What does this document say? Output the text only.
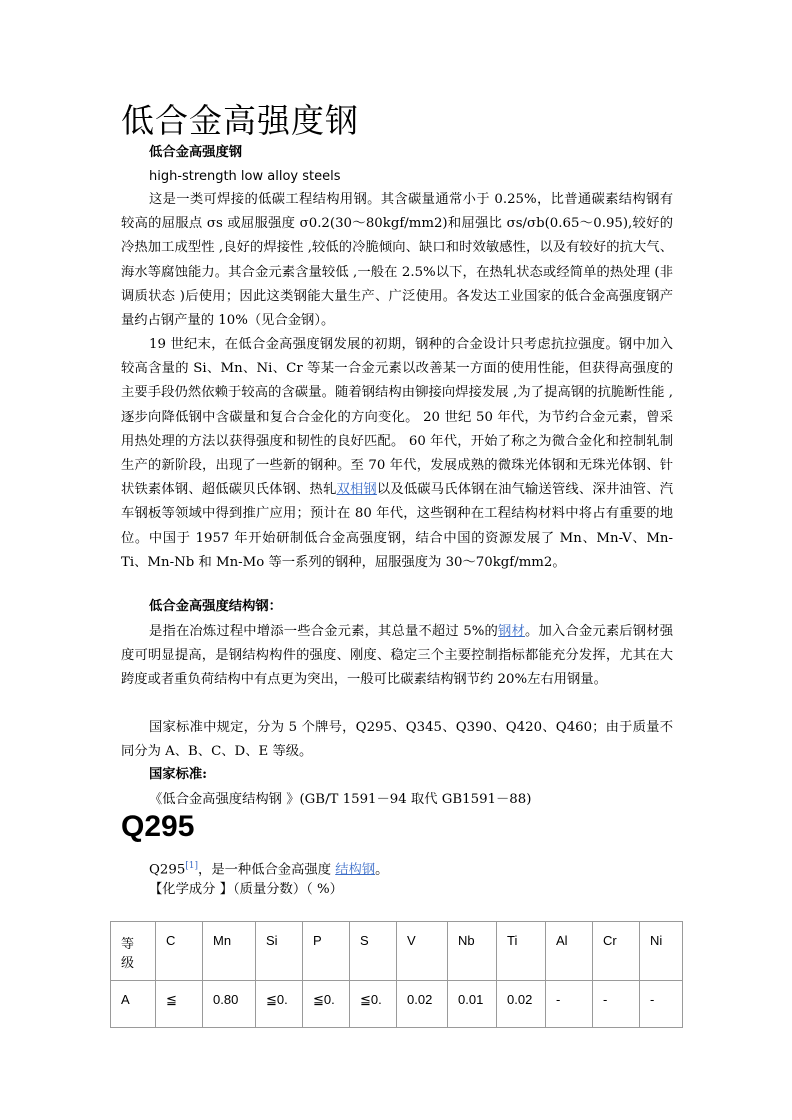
低合金高强度钢
低合金高强度钢
high-strength low alloy steels
这是一类可焊接的低碳工程结构用钢。其含碳量通常小于 0.25%，比普通碳素结构钢有较高的屈服点 σs 或屈服强度 σ0.2(30～80kgf/mm2)和屈强比 σs/σb(0.65～0.95),较好的冷热加工成型性 ,良好的焊接性 ,较低的冷脆倾向、缺口和时效敏感性，以及有较好的抗大气、海水等腐蚀能力。其合金元素含量较低 ,一般在 2.5%以下，在热轧状态或经简单的热处理 (非调质状态 )后使用；因此这类钢能大量生产、广泛使用。各发达工业国家的低合金高强度钢产量约占钢产量的 10%（见合金钢）。
19 世纪末，在低合金高强度钢发展的初期，钢种的合金设计只考虑抗拉强度。钢中加入较高含量的 Si、Mn、Ni、Cr 等某一合金元素以改善某一方面的使用性能，但获得高强度的主要手段仍然依赖于较高的含碳量。随着钢结构由铆接向焊接发展 ,为了提高钢的抗脆断性能 ,逐步向降低钢中含碳量和复合合金化的方向变化。 20 世纪 50 年代，为节约合金元素，曾采用热处理的方法以获得强度和韧性的良好匹配。 60 年代，开始了称之为微合金化和控制轧制生产的新阶段，出现了一些新的钢种。至 70 年代，发展成熟的微珠光体钢和无珠光体钢、针状铁素体钢、超低碳贝氏体钢、热轧双相钢以及低碳马氏体钢在油气输送管线、深井油管、汽车钢板等领域中得到推广应用；预计在 80 年代，这些钢种在工程结构材料中将占有重要的地位。中国于 1957 年开始研制低合金高强度钢，结合中国的资源发展了 Mn、Mn-V、Mn-Ti、Mn-Nb 和 Mn-Mo 等一系列的钢种，屈服强度为 30～70kgf/mm2。
低合金高强度结构钢：
是指在冶炼过程中增添一些合金元素，其总量不超过 5%的钢材。加入合金元素后钢材强度可明显提高，是钢结构构件的强度、刚度、稳定三个主要控制指标都能充分发挥，尤其在大跨度或者重负荷结构中有点更为突出，一般可比碳素结构钢节约 20%左右用钢量。
国家标准中规定，分为 5 个牌号，Q295、Q345、Q390、Q420、Q460；由于质量不同分为 A、B、C、D、E 等级。
国家标准:
《低合金高强度结构钢 》(GB/T 1591－94 取代 GB1591－88)
Q295
Q295[1]，是一种低合金高强度 结构钢。
【化学成分 】（质量分数）（ %）
等级	C	Mn	Si	P	S	V	Nb	Ti	Al	Cr	Ni
A	≦	0.80	≦0.	≦0.	≦0.	0.02	0.01	0.02	-	-	-
